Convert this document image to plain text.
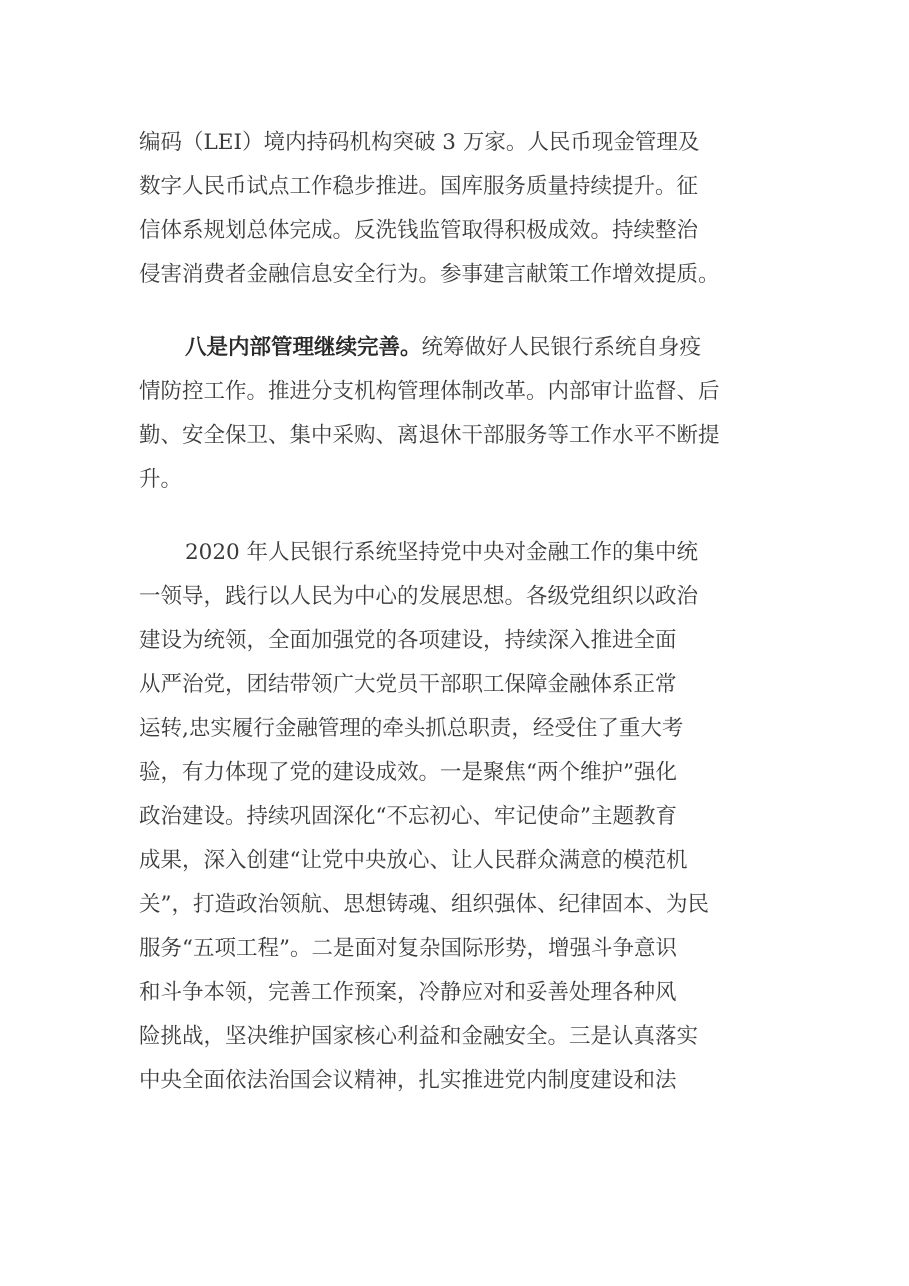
编码（LEI）境内持码机构突破 3 万家。人民币现金管理及
数字人民币试点工作稳步推进。国库服务质量持续提升。征
信体系规划总体完成。反洗钱监管取得积极成效。持续整治
侵害消费者金融信息安全行为。参事建言献策工作增效提质。
八是内部管理继续完善。统筹做好人民银行系统自身疫
情防控工作。推进分支机构管理体制改革。内部审计监督、后
勤、安全保卫、集中采购、离退休干部服务等工作水平不断提
升。
2020 年人民银行系统坚持党中央对金融工作的集中统
一领导，践行以人民为中心的发展思想。各级党组织以政治
建设为统领，全面加强党的各项建设，持续深入推进全面
从严治党，团结带领广大党员干部职工保障金融体系正常
运转,忠实履行金融管理的牵头抓总职责，经受住了重大考
验，有力体现了党的建设成效。一是聚焦“两个维护”强化
政治建设。持续巩固深化“不忘初心、牢记使命”主题教育
成果，深入创建“让党中央放心、让人民群众满意的模范机
关”，打造政治领航、思想铸魂、组织强体、纪律固本、为民
服务“五项工程”。二是面对复杂国际形势，增强斗争意识
和斗争本领，完善工作预案，冷静应对和妥善处理各种风
险挑战，坚决维护国家核心利益和金融安全。三是认真落实
中央全面依法治国会议精神，扎实推进党内制度建设和法
